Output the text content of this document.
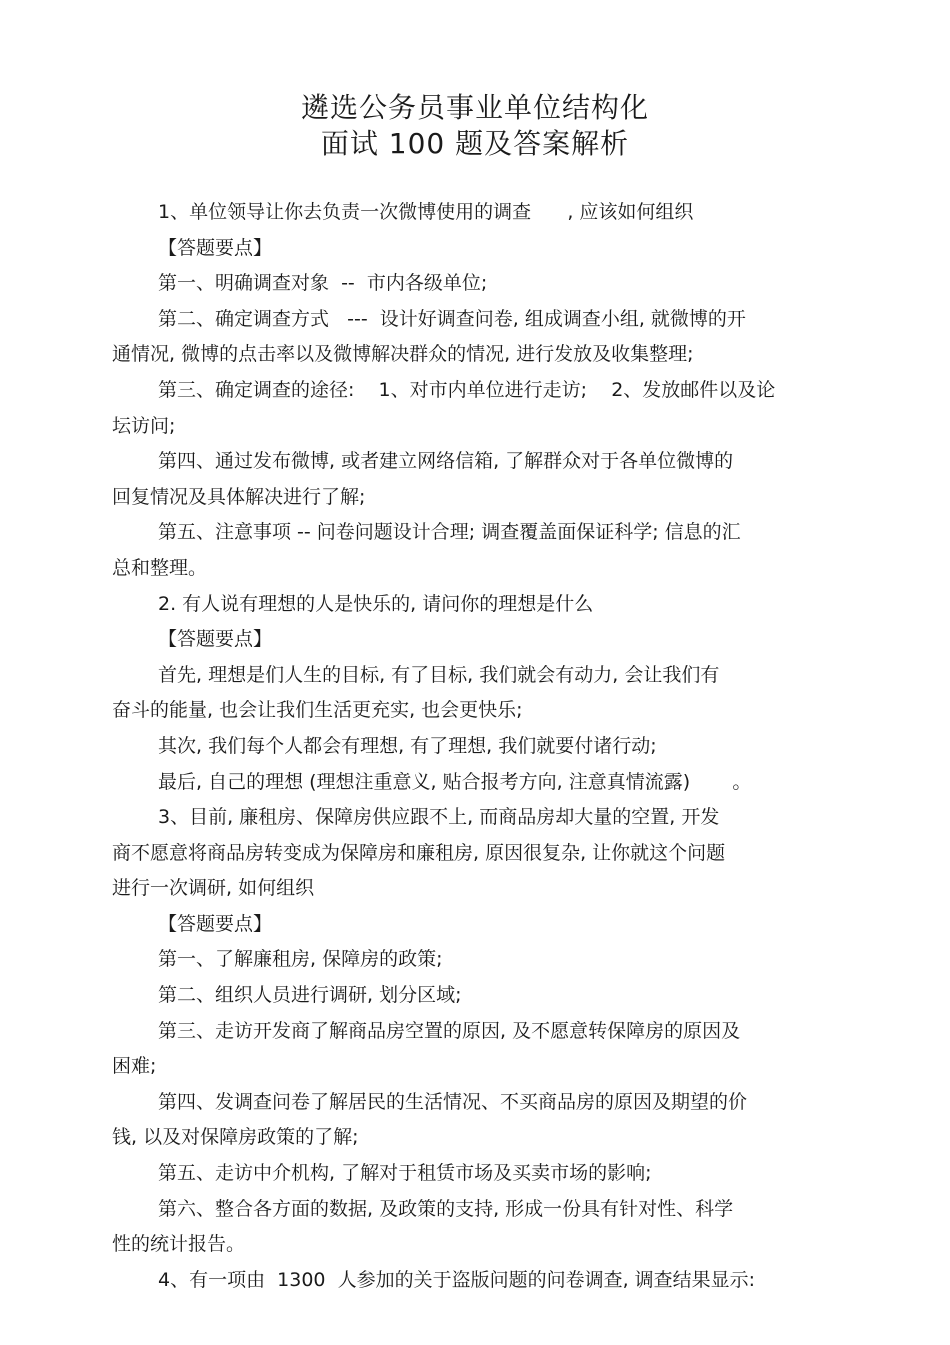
遴选公务员事业单位结构化
面试 100 题及答案解析
1、单位领导让你去负责一次微博使用的调查      , 应该如何组织
【答题要点】
第一、明确调查对象  --  市内各级单位;
第二、确定调查方式   ---  设计好调查问卷, 组成调查小组, 就微博的开
通情况, 微博的点击率以及微博解决群众的情况, 进行发放及收集整理;
第三、确定调查的途径:    1、对市内单位进行走访;    2、发放邮件以及论
坛访问;
第四、通过发布微博, 或者建立网络信箱, 了解群众对于各单位微博的
回复情况及具体解决进行了解;
第五、注意事项 -- 问卷问题设计合理; 调查覆盖面保证科学; 信息的汇
总和整理。
2. 有人说有理想的人是快乐的, 请问你的理想是什么
【答题要点】
首先, 理想是们人生的目标, 有了目标, 我们就会有动力, 会让我们有
奋斗的能量, 也会让我们生活更充实, 也会更快乐;
其次, 我们每个人都会有理想, 有了理想, 我们就要付诸行动;
最后, 自己的理想 (理想注重意义, 贴合报考方向, 注意真情流露)       。
3、目前, 廉租房、保障房供应跟不上, 而商品房却大量的空置, 开发
商不愿意将商品房转变成为保障房和廉租房, 原因很复杂, 让你就这个问题
进行一次调研, 如何组织
【答题要点】
第一、了解廉租房, 保障房的政策;
第二、组织人员进行调研, 划分区域;
第三、走访开发商了解商品房空置的原因, 及不愿意转保障房的原因及
困难;
第四、发调查问卷了解居民的生活情况、不买商品房的原因及期望的价
钱, 以及对保障房政策的了解;
第五、走访中介机构, 了解对于租赁市场及买卖市场的影响;
第六、整合各方面的数据, 及政策的支持, 形成一份具有针对性、科学
性的统计报告。
4、有一项由  1300  人参加的关于盗版问题的问卷调查, 调查结果显示:
